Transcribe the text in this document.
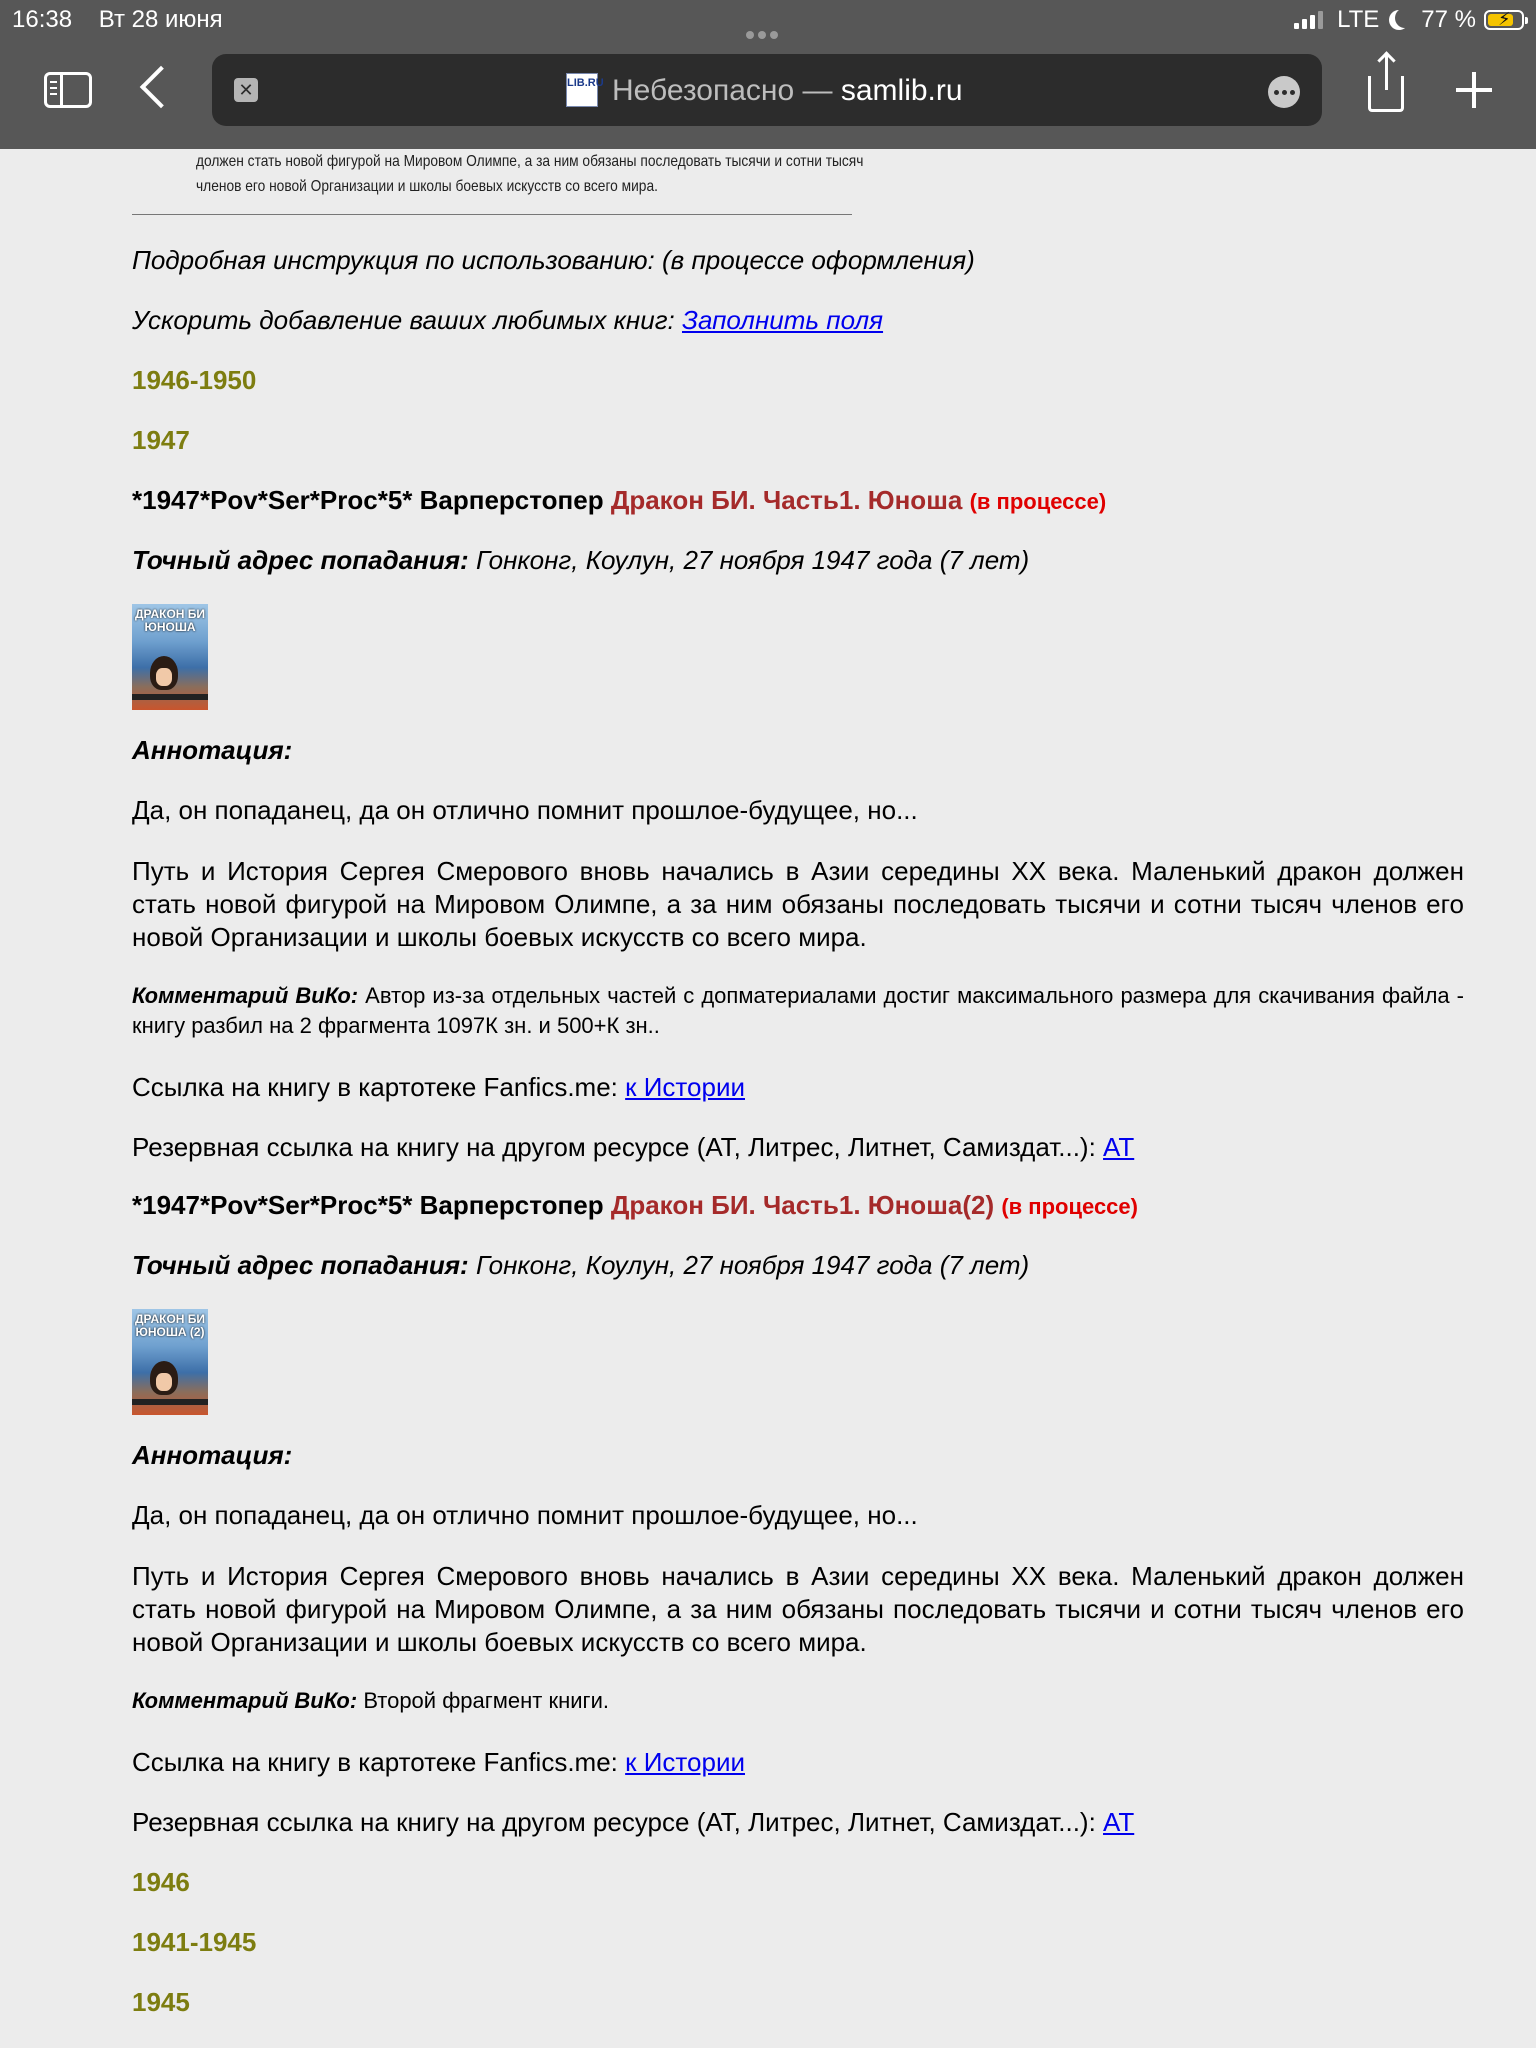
16:38 Вт 28 июня	LTE 77 % ⚡
✕	LIB.RU Небезопасно — samlib.ru
должен стать новой фигурой на Мировом Олимпе, а за ним обязаны последовать тысячи и сотни тысяч членов его новой Организации и школы боевых искусств со всего мира.
Подробная инструкция по использованию: (в процессе оформления)
Ускорить добавление ваших любимых книг: Заполнить поля
1946-1950
1947
*1947*Pov*Ser*Proc*5* Варперстопер Дракон БИ. Часть1. Юноша (в процессе)
Точный адрес попадания: Гонконг, Коулун, 27 ноября 1947 года (7 лет)
ДРАКОН БИ ЮНОША
Аннотация:
Да, он попаданец, да он отлично помнит прошлое-будущее, но...
Путь и История Сергея Смерового вновь начались в Азии середины XX века. Маленький дракон должен стать новой фигурой на Мировом Олимпе, а за ним обязаны последовать тысячи и сотни тысяч членов его новой Организации и школы боевых искусств со всего мира.
Комментарий ВиКо: Автор из-за отдельных частей с допматериалами достиг максимального размера для скачивания файла - книгу разбил на 2 фрагмента 1097К зн. и 500+К зн..
Ссылка на книгу в картотеке Fanfics.me: к Истории
Резервная ссылка на книгу на другом ресурсе (АТ, Литрес, Литнет, Самиздат...): АТ
*1947*Pov*Ser*Proc*5* Варперстопер Дракон БИ. Часть1. Юноша(2) (в процессе)
Точный адрес попадания: Гонконг, Коулун, 27 ноября 1947 года (7 лет)
ДРАКОН БИ ЮНОША (2)
Аннотация:
Да, он попаданец, да он отлично помнит прошлое-будущее, но...
Путь и История Сергея Смерового вновь начались в Азии середины XX века. Маленький дракон должен стать новой фигурой на Мировом Олимпе, а за ним обязаны последовать тысячи и сотни тысяч членов его новой Организации и школы боевых искусств со всего мира.
Комментарий ВиКо: Второй фрагмент книги.
Ссылка на книгу в картотеке Fanfics.me: к Истории
Резервная ссылка на книгу на другом ресурсе (АТ, Литрес, Литнет, Самиздат...): АТ
1946
1941-1945
1945
